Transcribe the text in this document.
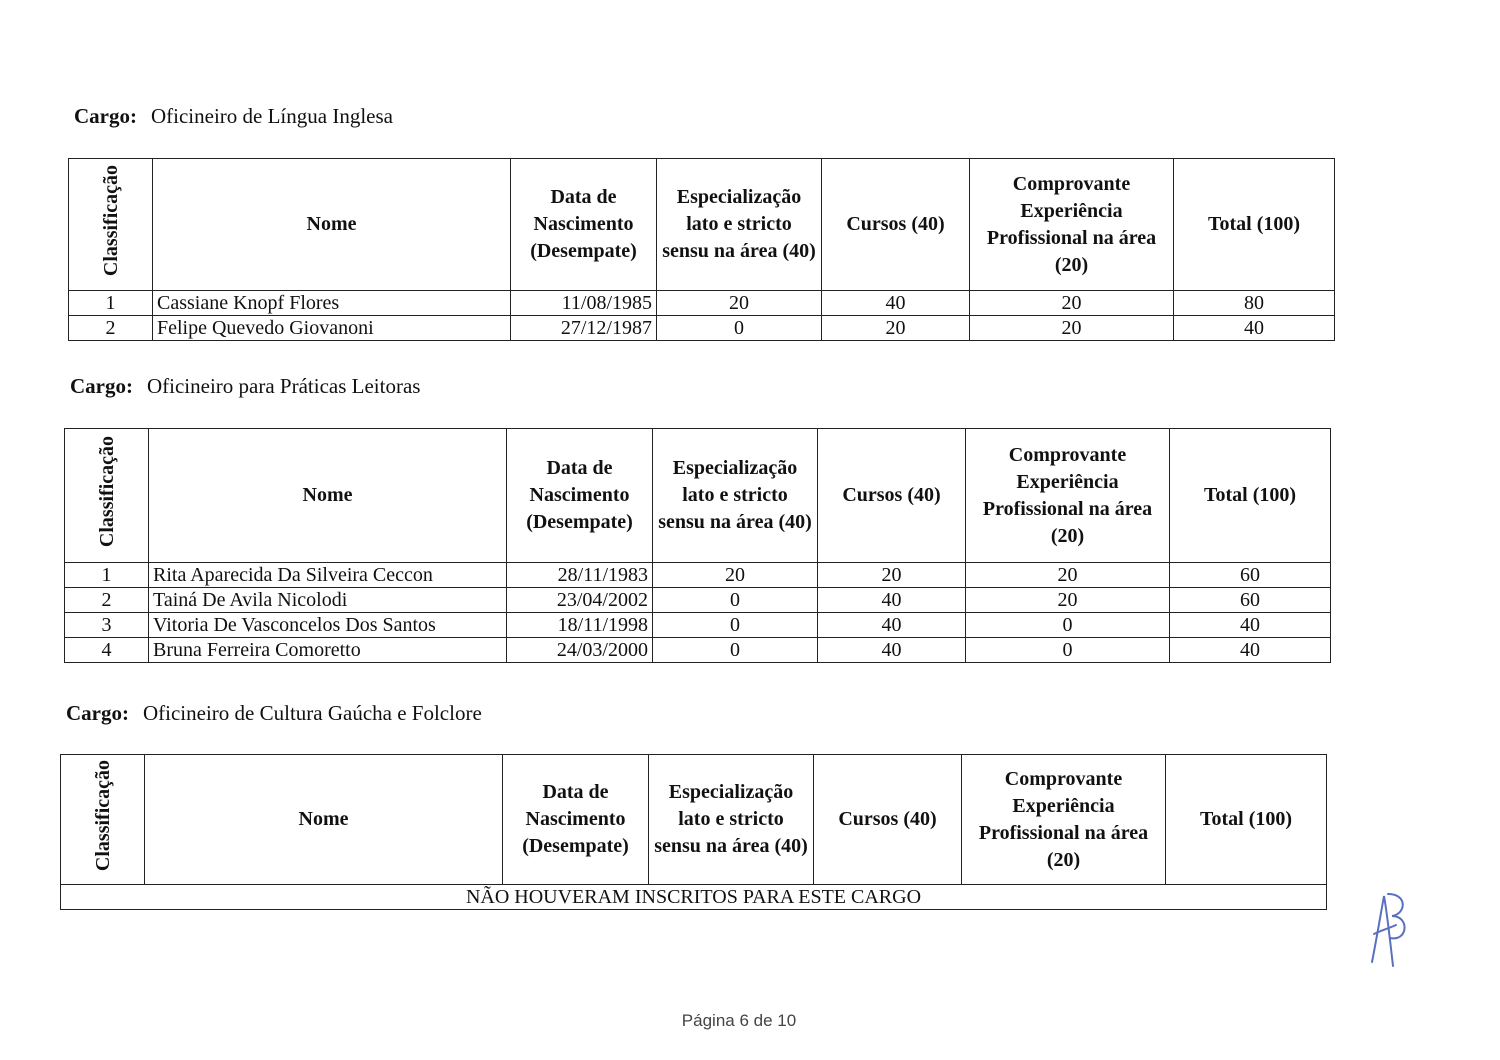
Cargo: Oficineiro de Língua Inglesa
Classificação	Nome	Data de Nascimento (Desempate)	Especialização lato e stricto sensu na área (40)	Cursos (40)	Comprovante Experiência Profissional na área (20)	Total (100)
1	Cassiane Knopf Flores	11/08/1985	20	40	20	80
2	Felipe Quevedo Giovanoni	27/12/1987	0	20	20	40
Cargo: Oficineiro para Práticas Leitoras
Classificação	Nome	Data de Nascimento (Desempate)	Especialização lato e stricto sensu na área (40)	Cursos (40)	Comprovante Experiência Profissional na área (20)	Total (100)
1	Rita Aparecida Da Silveira Ceccon	28/11/1983	20	20	20	60
2	Tainá De Avila Nicolodi	23/04/2002	0	40	20	60
3	Vitoria De Vasconcelos Dos Santos	18/11/1998	0	40	0	40
4	Bruna Ferreira Comoretto	24/03/2000	0	40	0	40
Cargo: Oficineiro de Cultura Gaúcha e Folclore
Classificação	Nome	Data de Nascimento (Desempate)	Especialização lato e stricto sensu na área (40)	Cursos (40)	Comprovante Experiência Profissional na área (20)	Total (100)
NÃO HOUVERAM INSCRITOS PARA ESTE CARGO
Página 6 de 10
